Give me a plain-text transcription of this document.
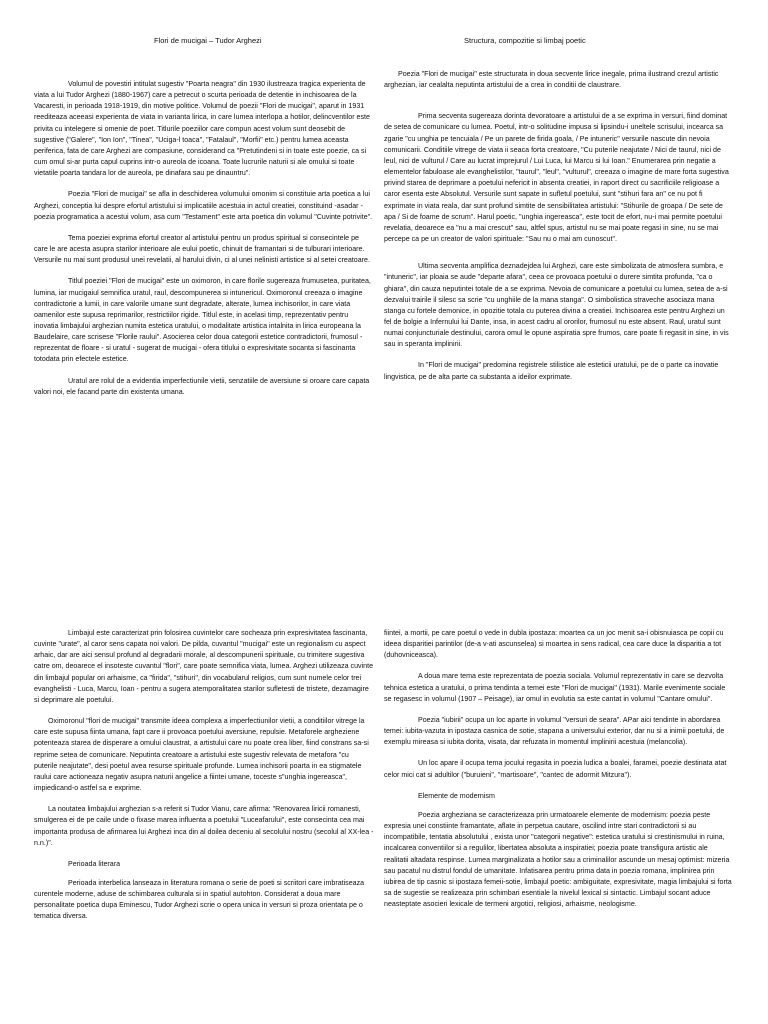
Flori de mucigai – Tudor Arghezi

Volumul de povestiri intitulat sugestiv "Poarta neagra" din 1930 ilustreaza tragica experienta de viata a lui Tudor Arghezi (1880-1967) care a petrecut o scurta perioada de detentie in inchisoarea de la Vacaresti, in perioada 1918-1919, din motive politice. Volumul de poezii "Flori de mucigai", aparut in 1931 reediteaza aceeasi experienta de viata in varianta lirica, in care lumea interlopa a hotilor, delincventilor este privita cu intelegere si omenie de poet. Titlurile poeziilor care compun acest volum sunt deosebit de sugestive ("Galere", "Ion Ion", "Tinea", "Uciga-l toaca", "Fatalaul", "Morfii" etc.) pentru lumea aceasta periferica, fata de care Arghezi are compasiune, considerand ca "Pretutindeni si in toate este poezie, ca si cum omul si-ar purta capul cuprins intr-o aureola de icoana. Toate lucrurile naturii si ale omului si toate vietatile poarta tandara lor de aureola, pe dinafara sau pe dinauntru".

Poezia "Flori de mucigai" se afla in deschiderea volumului omonim si constituie arta poetica a lui Arghezi, conceptia lui despre efortul artistului si implicatiile acestuia in actul creatiei, constituind -asadar - poezia programatica a acestui volum, asa cum "Testament" este arta poetica din volumul "Cuvinte potrivite".

Tema poeziei exprima efortul creator al artistului pentru un produs spiritual si consecintele pe care le are acesta asupra starilor interioare ale eului poetic, chinuit de framantari si de tulburari interioare. Versurile nu mai sunt produsul unei revelatii, al harului divin, ci al unei nelinisti artistice si al setei creatoare.

Titlul poeziei "Flori de mucigai" este un oximoron, in care florile sugereaza frumusetea, puritatea, lumina, iar mucigaiul semnifica uratul, raul, descompunerea si intunericul. Oximoronul creeaza o imagine contradictorie a lumii, in care valorile umane sunt degradate, alterate, lumea inchisorilor, in care viata oamenilor este supusa reprimarilor, restrictiilor rigide. Titlul este, in acelasi timp, reprezentativ pentru inovatia limbajului arghezian numita estetica uratului, o modalitate artistica intalnita in lirica europeana la Baudelaire, care scrisese "Florile raului". Asocierea celor doua categorii estetice contradictorii, frumosul - reprezentat de floare - si uratul - sugerat de mucigai - ofera titlului o expresivitate socanta si fascinanta totodata prin efectele estetice.

Uratul are rolul de a evidentia imperfectiunile vietii, senzatiile de aversiune si oroare care capata valori noi, ele facand parte din existenta umana.

Structura, compozitie si limbaj poetic

Poezia "Flori de mucigai" este structurata in doua secvente lirice inegale, prima ilustrand crezul artistic arghezian, iar cealalta neputinta artistului de a crea in conditii de claustrare.

Prima secventa sugereaza dorinta devoratoare a artistului de a se exprima in versuri, fiind dominat de setea de comunicare cu lumea. Poetul, intr-o solitudine impusa si lipsindu-i uneltele scrisului, incearca sa zgarie "cu unghia pe tencuiala / Pe un parete de firida goala, / Pe intuneric" versurile nascute din nevoia comunicarii. Conditiile vitrege de viata ii seaca forta creatoare, "Cu puterile neajutate / Nici de taurul, nici de leul, nici de vulturul / Care au lucrat imprejurul / Lui Luca, lui Marcu si lui Ioan." Enumerarea prin negatie a elementelor fabuloase ale evanghelistilor, "taurul", "leul", "vulturul", creeaza o imagine de mare forta sugestiva privind starea de deprimare a poetului nefericit in absenta creatiei, in raport direct cu sacrificiile religioase a caror esenta este Absolutul. Versurile sunt sapate in sufletul poetului, sunt "stihuri fara an" ce nu pot fi exprimate in viata reala, dar sunt profund simtite de sensibilitatea artistului: "Stihurile de groapa / De sete de apa / Si de foame de scrum". Harul poetic, "unghia ingereasca", este tocit de efort, nu-i mai permite poetului revelatia, deoarece ea "nu a mai crescut" sau, altfel spus, artistul nu se mai poate regasi in sine, nu se mai percepe ca pe un creator de valori spirituale: "Sau nu o mai am cunoscut".

Ultima secventa amplifica deznadejdea lui Arghezi, care este simbolizata de atmosfera sumbra, e "intuneric", iar ploaia se aude "departe afara", ceea ce provoaca poetului o durere simtita profunda, "ca o ghiara", din cauza neputintei totale de a se exprima. Nevoia de comunicare a poetului cu lumea, setea de a-si dezvalui trairile il silesc sa scrie "cu unghiile de la mana stanga". O simbolistica straveche asociaza mana stanga cu fortele demonice, in opozitie totala cu puterea divina a creatiei. Inchisoarea este pentru Arghezi un fel de bolgie a Infernului lui Dante, insa, in acest cadru al ororilor, frumosul nu este absent. Raul, uratul sunt numai conjuncturiale destinului, carora omul le opune aspiratia spre frumos, care poate fi regasit in sine, in vis sau in speranta implinirii.

In "Flori de mucigai" predomina registrele stilistice ale esteticii uratului, pe de o parte ca inovatie lingvistica, pe de alta parte ca substanta a ideilor exprimate.

Limbajul este caracterizat prin folosirea cuvintelor care socheaza prin expresivitatea fascinanta, cuvinte "urate", al caror sens capata noi valori. De pilda, cuvantul "mucigai" este un regionalism cu aspect arhaic, dar are aici sensul profund al degradarii morale, al descompunerii spirituale, cu trimitere sugestiva catre om, deoarece el insoteste cuvantul "flori", care poate semnifica viata, lumea. Arghezi utilizeaza cuvinte din limbajul popular ori arhaisme, ca "firida", "stihuri", din vocabularul religios, cum sunt numele celor trei evanghelisti - Luca, Marcu, Ioan - pentru a sugera atemporalitatea starilor sufletesti de tristete, dezamagire si deprimare ale poetului.

Oximoronul "flori de mucigai" transmite ideea complexa a imperfectiunilor vietii, a conditiilor vitrege la care este supusa fiinta umana, fapt care ii provoaca poetului aversiune, repulsie. Metaforele argheziene potenteaza starea de disperare a omului claustrat, a artistului care nu poate crea liber, fiind constrans sa-si reprime setea de comunicare. Neputinta creatoare a artistului este sugestiv relevata de metafora "cu puterile neajutate", desi poetul avea resurse spirituale profunde. Lumea inchisorii poarta in ea stigmatele raului care actioneaza negativ asupra naturii angelice a fiintei umane, toceste s"unghia ingereasca", impiedicand-o astfel sa e exprime.

La noutatea limbajului arghezian s-a referit si Tudor Vianu, care afirma: "Renovarea liricii romanesti, smulgerea ei de pe caile unde o fixase marea influenta a poetului "Luceafarului", este consecinta cea mai importanta produsa de afirmarea lui Arghezi inca din al doilea deceniu al secolului nostru (secolul al XX-lea - n.n.)".

Perioada literara

Perioada interbelica lanseaza in literatura romana o serie de poeti si scriitori care imbratiseaza curentele moderne, aduse de schimbarea culturala si in spatiul autohton. Considerat a doua mare personalitate poetica dupa Eminescu, Tudor Arghezi scrie o opera unica in versuri si proza orientata pe o tematica diversa.

fiintei, a mortii, pe care poetul o vede in dubla ipostaza: moartea ca un joc menit sa-i obisnuiasca pe copii cu ideea disparitiei parintilor (de-a v-ati ascunselea) si moartea in sens radical, cea care duce la disparitia a tot (duhovniceasca).

A doua mare tema este reprezentata de poezia sociala. Volumul reprezentativ in care se dezvolta tehnica estetica a uratului, o prima tendinta a temei este "Flori de mucigai" (1931). Marile evenimente sociale se regasesc in volumul (1907 – Peisage), iar omul in evolutia sa este cantat in volumul "Cantare omului".

Poezia "iubirii" ocupa un loc aparte in volumul "versuri de seara". APar aici tendinte in abordarea temei: iubita-vazuta in ipostaza casnica de sotie, stapana a universului exterior, dar nu si a inimii poetului, de exemplu mireasa si iubita dorita, visata, dar refuzata in momentul implinirii acestuia (melancolia).

Un loc apare il ocupa tema jocului regasita in poezia ludica a boalei, faramei, poezie destinata atat celor mici cat si adultilor ("buruieni", "martisoare", "cantec de adormit Mitzura").

Elemente de modernism

Poezia argheziana se caracterizeaza prin urmatoarele elemente de modernism: poezia peste expresia unei constiinte framantate, aflate in perpetua cautare, oscilind intre stari contradictorii si au incompatibile, tentatia absolutului , exista unor "categorii negative": estetica uratului si crestinismului in ruina, incalcarea conventiilor si a regulilor, libertatea absoluta a inspiratiei; poezia poate transfigura artistic ale realitatii altadata respinse. Lumea marginalizata a hotilor sau a criminalilor ascunde un mesaj optimist: mizeria sau pacatul nu distrul fondul de umanitate. Infatisarea pentru prima data in poezia romana, implinirea prin iubirea de tip casnic si ipostaza femeii-sotie, limbajul poetic: ambiguitate, expresivitate, magia limbajului si forta sa de sugestie se realizeaza prin schimbari esentiale la nivelul lexical si sintactic. Limbajul socant aduce neasteptate asocieri lexicale de termeni argotici, religiosi, arhaisme, neologisme.
